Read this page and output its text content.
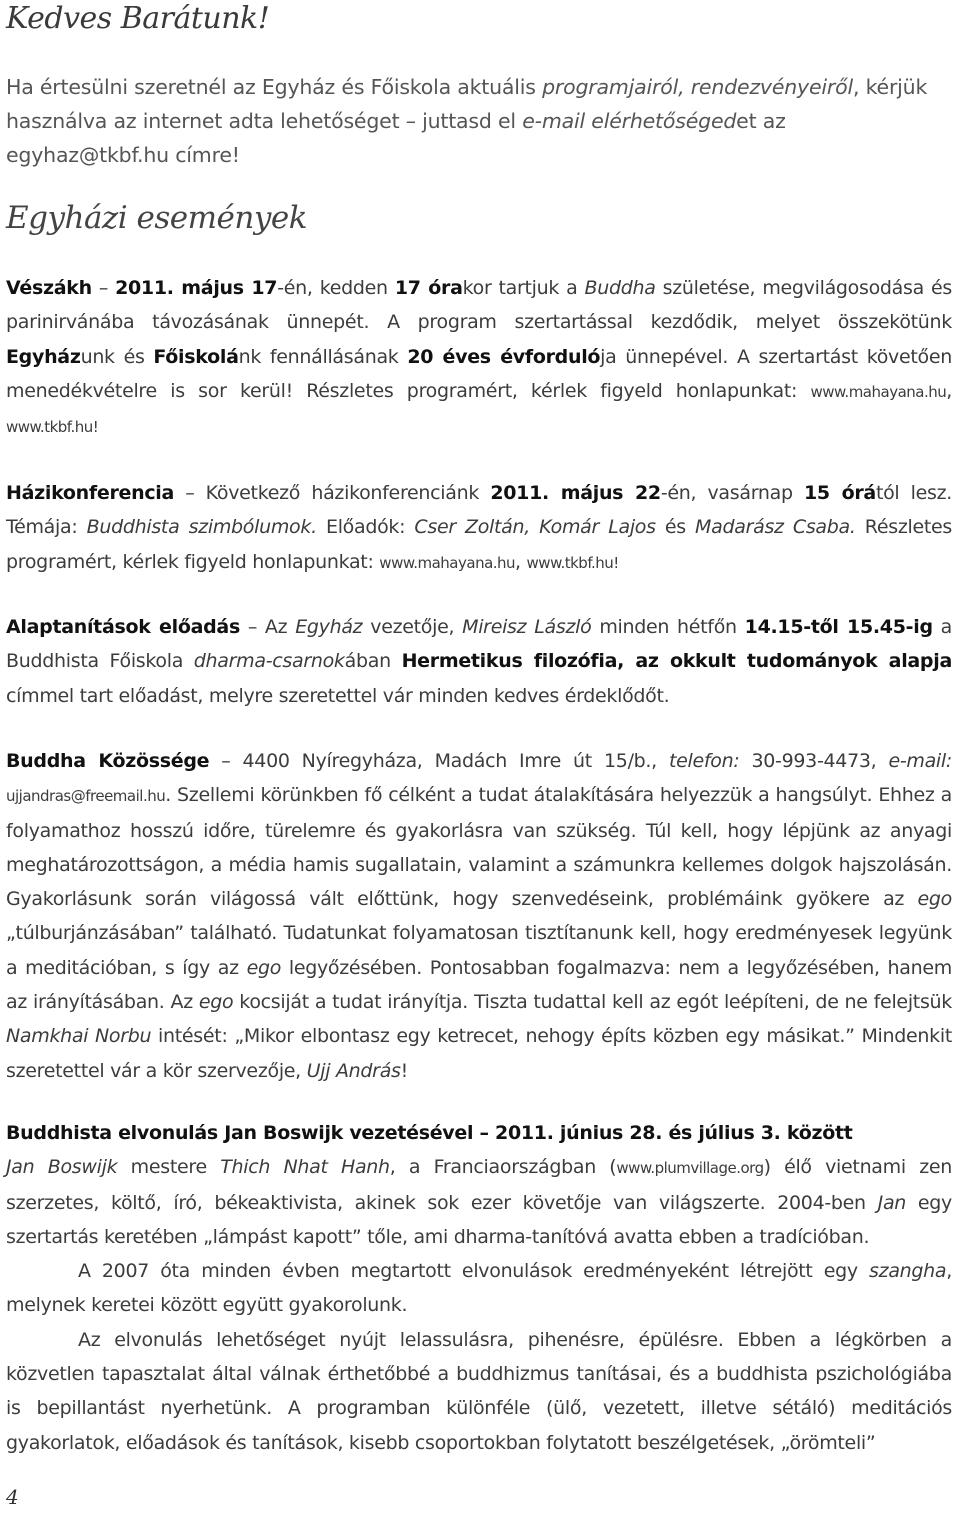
Kedves Barátunk!
Ha értesülni szeretnél az Egyház és Főiskola aktuális programjairól, rendezvényeiről, kérjük használva az internet adta lehetőséget – juttasd el e-mail elérhetőségedet az egyhaz@tkbf.hu címre!
Egyházi események
Vészákh – 2011. május 17-én, kedden 17 órakor tartjuk a Buddha születése, megvilágosodása és parinirvánába távozásának ünnepét. A program szertartással kezdődik, melyet összekötünk Egyházunk és Főiskolánk fennállásának 20 éves évfordulója ünnepével. A szertartást követően menedékvételre is sor kerül! Részletes programért, kérlek figyeld honlapunkat: www.mahayana.hu, www.tkbf.hu!
Házikonferencia – Következő házikonferenciánk 2011. május 22-én, vasárnap 15 órától lesz. Témája: Buddhista szimbólumok. Előadók: Cser Zoltán, Komár Lajos és Madarász Csaba. Részletes programért, kérlek figyeld honlapunkat: www.mahayana.hu, www.tkbf.hu!
Alaptanítások előadás – Az Egyház vezetője, Mireisz László minden hétfőn 14.15-től 15.45-ig a Buddhista Főiskola dharma-csarnokában Hermetikus filozófia, az okkult tudományok alapja címmel tart előadást, melyre szeretettel vár minden kedves érdeklődőt.
Buddha Közössége – 4400 Nyíregyháza, Madách Imre út 15/b., telefon: 30-993-4473, e-mail: ujjandras@freemail.hu. Szellemi körünkben fő célként a tudat átalakítására helyezzük a hangsúlyt. Ehhez a folyamathoz hosszú időre, türelemre és gyakorlásra van szükség. Túl kell, hogy lépjünk az anyagi meghatározottságon, a média hamis sugallatain, valamint a számunkra kellemes dolgok hajszolásán. Gyakorlásunk során világossá vált előttünk, hogy szenvedéseink, problémáink gyökere az ego „túlburjánzásában” található. Tudatunkat folyamatosan tisztítanunk kell, hogy eredményesek legyünk a meditációban, s így az ego legyőzésében. Pontosabban fogalmazva: nem a legyőzésében, hanem az irányításában. Az ego kocsiját a tudat irányítja. Tiszta tudattal kell az egót leépíteni, de ne felejtsük Namkhai Norbu intését: „Mikor elbontasz egy ketrecet, nehogy építs közben egy másikat.” Mindenkit szeretettel vár a kör szervezője, Ujj András!

Buddhista elvonulás Jan Boswijk vezetésével – 2011. június 28. és július 3. között

Jan Boswijk mestere Thich Nhat Hanh, a Franciaországban (www.plumvillage.org) élő vietnami zen szerzetes, költő, író, békeaktivista, akinek sok ezer követője van világszerte. 2004-ben Jan egy szertartás keretében „lámpást kapott” tőle, ami dharma-tanítóvá avatta ebben a tradícióban.

A 2007 óta minden évben megtartott elvonulások eredményeként létrejött egy szangha, melynek keretei között együtt gyakorolunk.

Az elvonulás lehetőséget nyújt lelassulásra, pihenésre, épülésre. Ebben a légkörben a közvetlen tapasztalat által válnak érthetőbbé a buddhizmus tanításai, és a buddhista pszichológiába is bepillantást nyerhetünk. A programban különféle (ülő, vezetett, illetve sétáló) meditációs gyakorlatok, előadások és tanítások, kisebb csoportokban folytatott beszélgetések, „örömteli”

4
